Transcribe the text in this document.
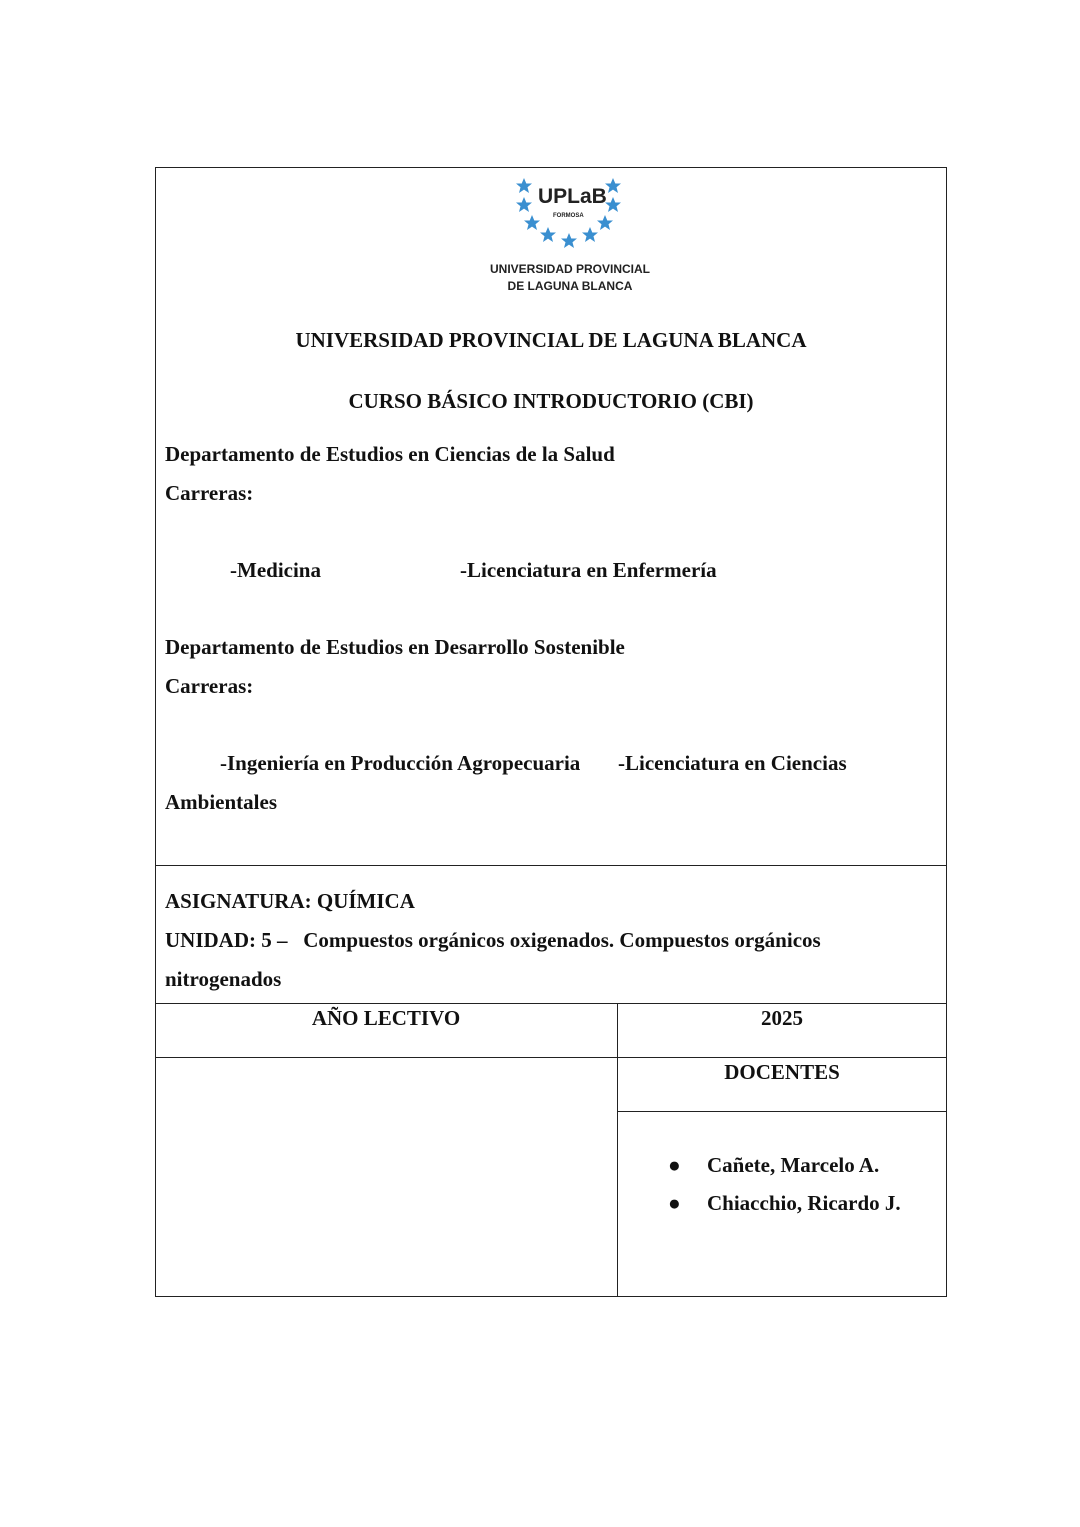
UPLaB
FORMOSA
UNIVERSIDAD PROVINCIAL
DE LAGUNA BLANCA
UNIVERSIDAD PROVINCIAL DE LAGUNA BLANCA
CURSO BÁSICO INTRODUCTORIO (CBI)
Departamento de Estudios en Ciencias de la Salud
Carreras:
-Medicina	-Licenciatura en Enfermería
Departamento de Estudios en Desarrollo Sostenible
Carreras:
-Ingeniería en Producción Agropecuaria -Licenciatura en Ciencias
Ambientales
ASIGNATURA: QUÍMICA
UNIDAD: 5 –   Compuestos orgánicos oxigenados. Compuestos orgánicos
nitrogenados
AÑO LECTIVO	2025
DOCENTES
● Cañete, Marcelo A.
● Chiacchio, Ricardo J.
